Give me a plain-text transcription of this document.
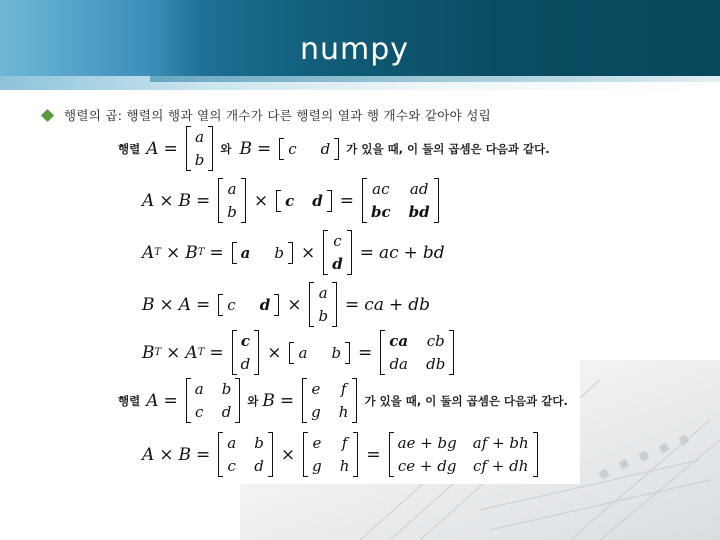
numpy
행렬의 곱: 행렬의 행과 열의 개수가 다른 행렬의 열과 행 개수와 같아야 성립
행렬 A =
a
b
와 B = c d 가 있을 때, 이 둘의 곱셈은 다음과 같다.
A × B =
a
b
× c d =
ac ad
bc bd
A T × B T = a b ×
c
d
= ac + bd
B × A = c d ×
a
b
= ca + db
B T × A T =
c
d
× a b =
ca cb
da db
행렬 A =
a b
c d
와 B =
e f
g h
가 있을 때, 이 둘의 곱셈은 다음과 같다.
A × B =
a b
c d
×
e f
g h
=
ae + bg af + bh
ce + dg cf + dh
